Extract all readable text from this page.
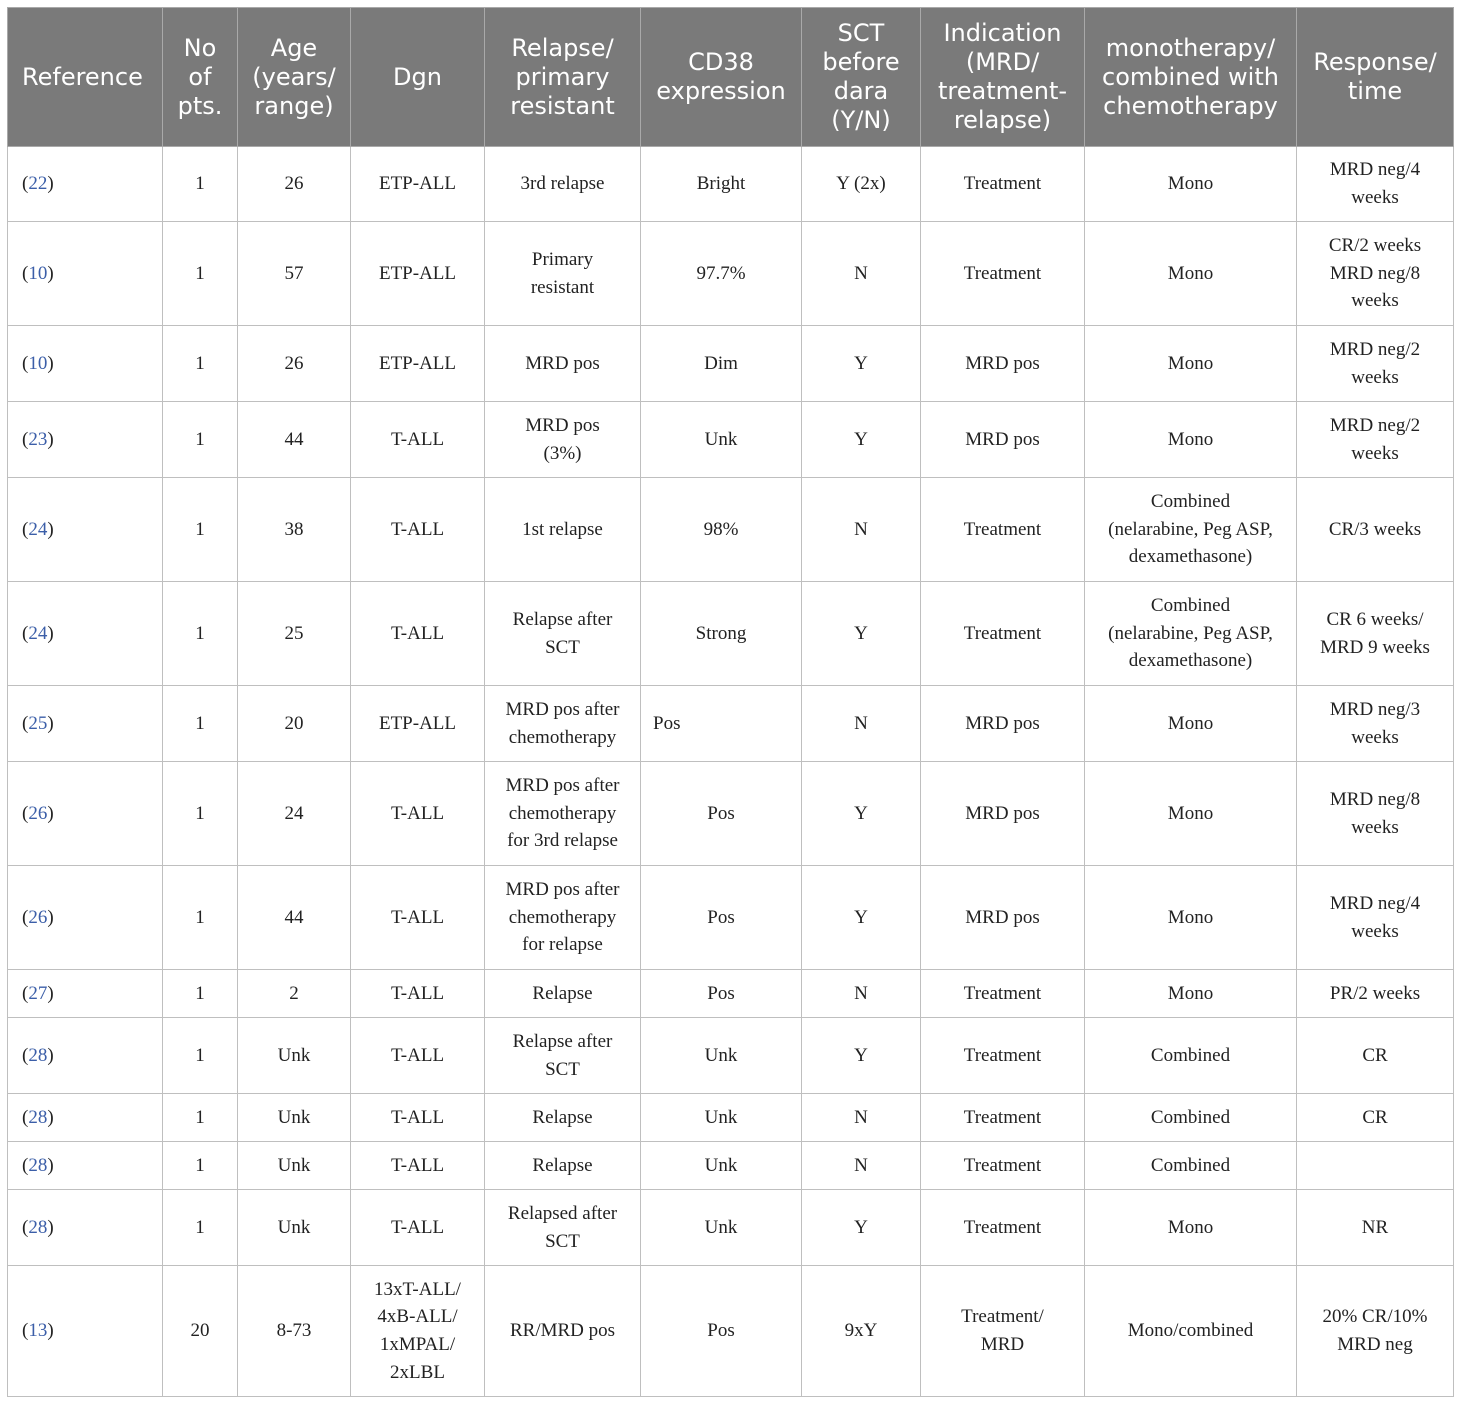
Reference	No
of
pts.	Age
(years/
range)	Dgn	Relapse/
primary
resistant	CD38
expression	SCT
before
dara
(Y/N)	Indication
(MRD/
treatment-
relapse)	monotherapy/
combined with
chemotherapy	Response/
time
(22)	1	26	ETP-ALL	3rd relapse	Bright	Y (2x)	Treatment	Mono	MRD neg/4
weeks
(10)	1	57	ETP-ALL	Primary
resistant	97.7%	N	Treatment	Mono	CR/2 weeks
MRD neg/8
weeks
(10)	1	26	ETP-ALL	MRD pos	Dim	Y	MRD pos	Mono	MRD neg/2
weeks
(23)	1	44	T-ALL	MRD pos
(3%)	Unk	Y	MRD pos	Mono	MRD neg/2
weeks
(24)	1	38	T-ALL	1st relapse	98%	N	Treatment	Combined
(nelarabine, Peg ASP,
dexamethasone)	CR/3 weeks
(24)	1	25	T-ALL	Relapse after
SCT	Strong	Y	Treatment	Combined
(nelarabine, Peg ASP,
dexamethasone)	CR 6 weeks/
MRD 9 weeks
(25)	1	20	ETP-ALL	MRD pos after
chemotherapy	Pos	N	MRD pos	Mono	MRD neg/3
weeks
(26)	1	24	T-ALL	MRD pos after
chemotherapy
for 3rd relapse	Pos	Y	MRD pos	Mono	MRD neg/8
weeks
(26)	1	44	T-ALL	MRD pos after
chemotherapy
for relapse	Pos	Y	MRD pos	Mono	MRD neg/4
weeks
(27)	1	2	T-ALL	Relapse	Pos	N	Treatment	Mono	PR/2 weeks
(28)	1	Unk	T-ALL	Relapse after
SCT	Unk	Y	Treatment	Combined	CR
(28)	1	Unk	T-ALL	Relapse	Unk	N	Treatment	Combined	CR
(28)	1	Unk	T-ALL	Relapse	Unk	N	Treatment	Combined	
(28)	1	Unk	T-ALL	Relapsed after
SCT	Unk	Y	Treatment	Mono	NR
(13)	20	8-73	13xT-ALL/
4xB-ALL/
1xMPAL/
2xLBL	RR/MRD pos	Pos	9xY	Treatment/
MRD	Mono/combined	20% CR/10%
MRD neg
